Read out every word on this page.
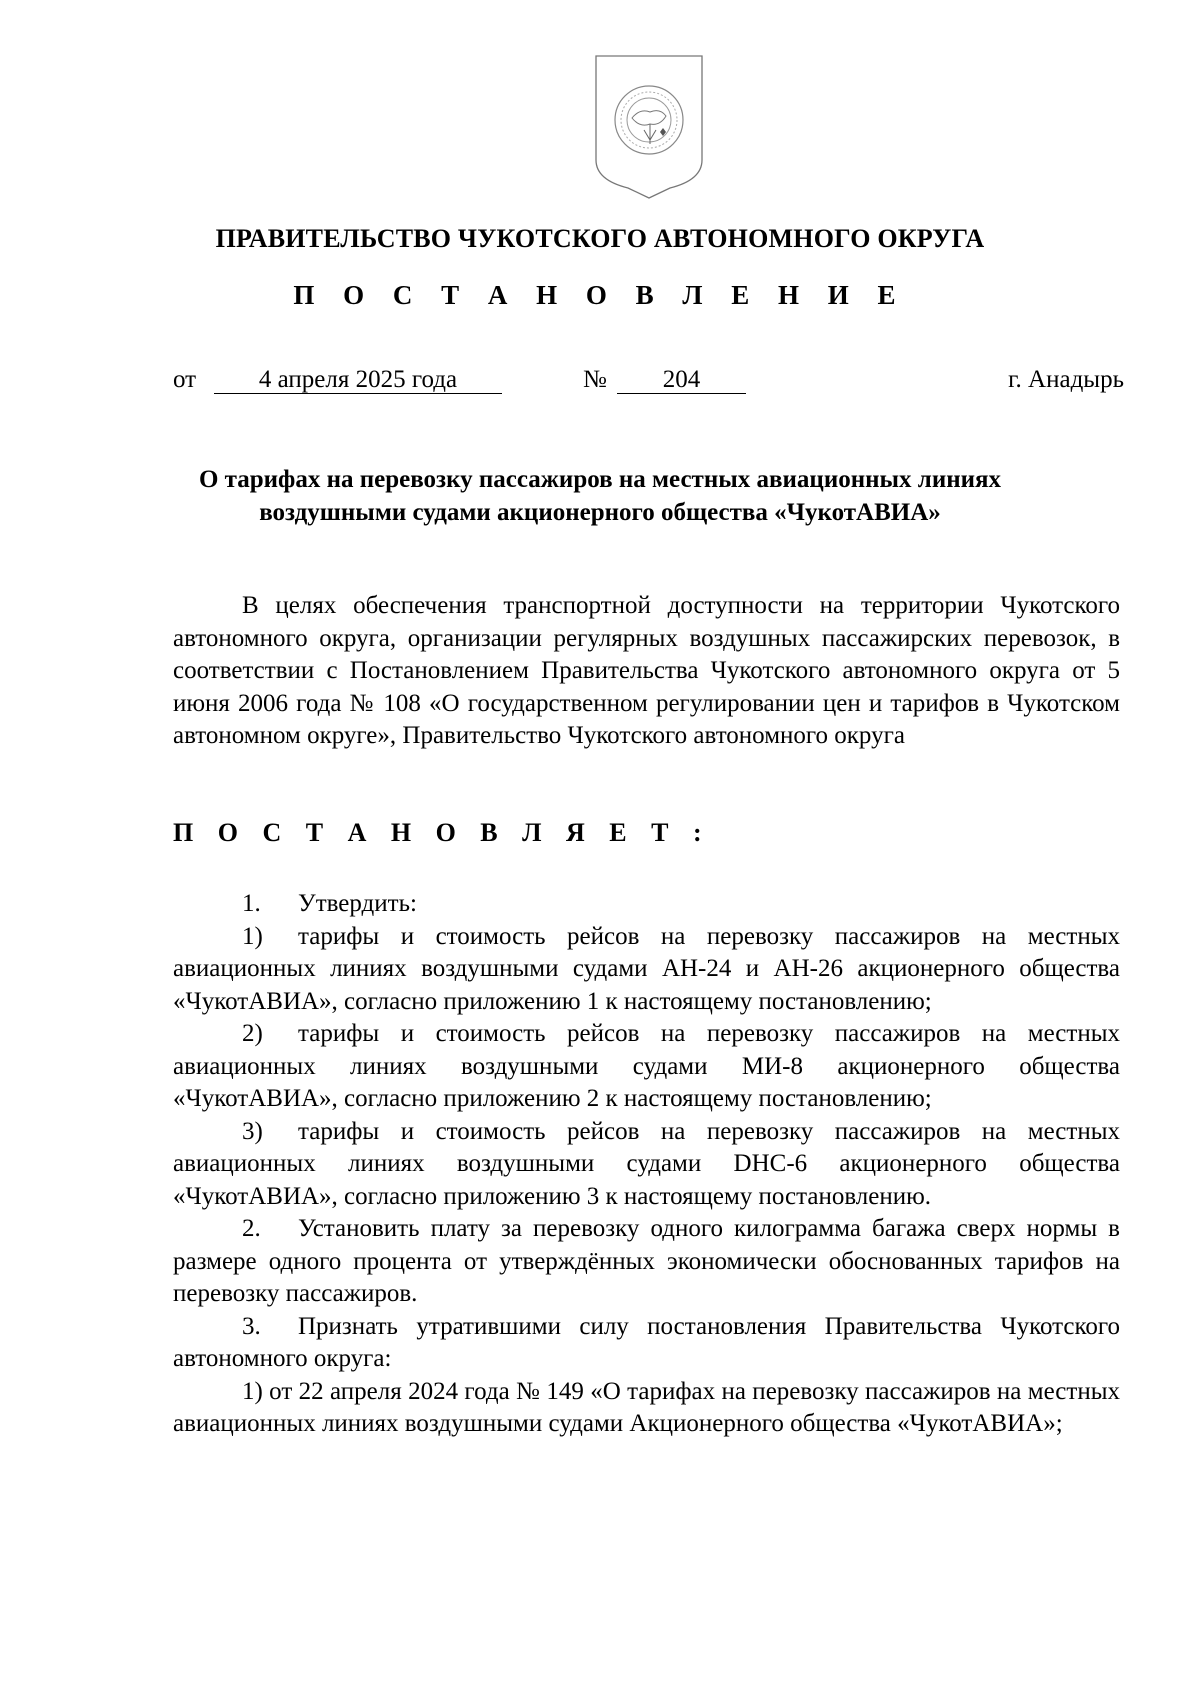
ПРАВИТЕЛЬСТВО ЧУКОТСКОГО АВТОНОМНОГО ОКРУГА
П О С Т А Н О В Л Е Н И Е
от	4 апреля 2025 года	№	204	г. Анадырь
О тарифах на перевозку пассажиров на местных авиационных линиях
воздушными судами акционерного общества «ЧукотАВИА»

В целях обеспечения транспортной доступности на территории Чукотского автономного округа, организации регулярных воздушных пассажирских перевозок, в соответствии с Постановлением Правительства Чукотского автономного округа от 5 июня 2006 года № 108 «О государственном регулировании цен и тарифов в Чукотском автономном округе», Правительство Чукотского автономного округа

П О С Т А Н О В Л Я Е Т :

1. Утвердить:

1) тарифы и стоимость рейсов на перевозку пассажиров на местных авиационных линиях воздушными судами АН-24 и АН-26 акционерного общества «ЧукотАВИА», согласно приложению 1 к настоящему постановлению;

2) тарифы и стоимость рейсов на перевозку пассажиров на местных авиационных линиях воздушными судами МИ-8 акционерного общества «ЧукотАВИА», согласно приложению 2 к настоящему постановлению;

3) тарифы и стоимость рейсов на перевозку пассажиров на местных авиационных линиях воздушными судами DHC-6 акционерного общества «ЧукотАВИА», согласно приложению 3 к настоящему постановлению.

2. Установить плату за перевозку одного килограмма багажа сверх нормы в размере одного процента от утверждённых экономически обоснованных тарифов на перевозку пассажиров.

3. Признать утратившими силу постановления Правительства Чукотского автономного округа:

1) от 22 апреля 2024 года № 149 «О тарифах на перевозку пассажиров на местных авиационных линиях воздушными судами Акционерного общества «ЧукотАВИА»;
